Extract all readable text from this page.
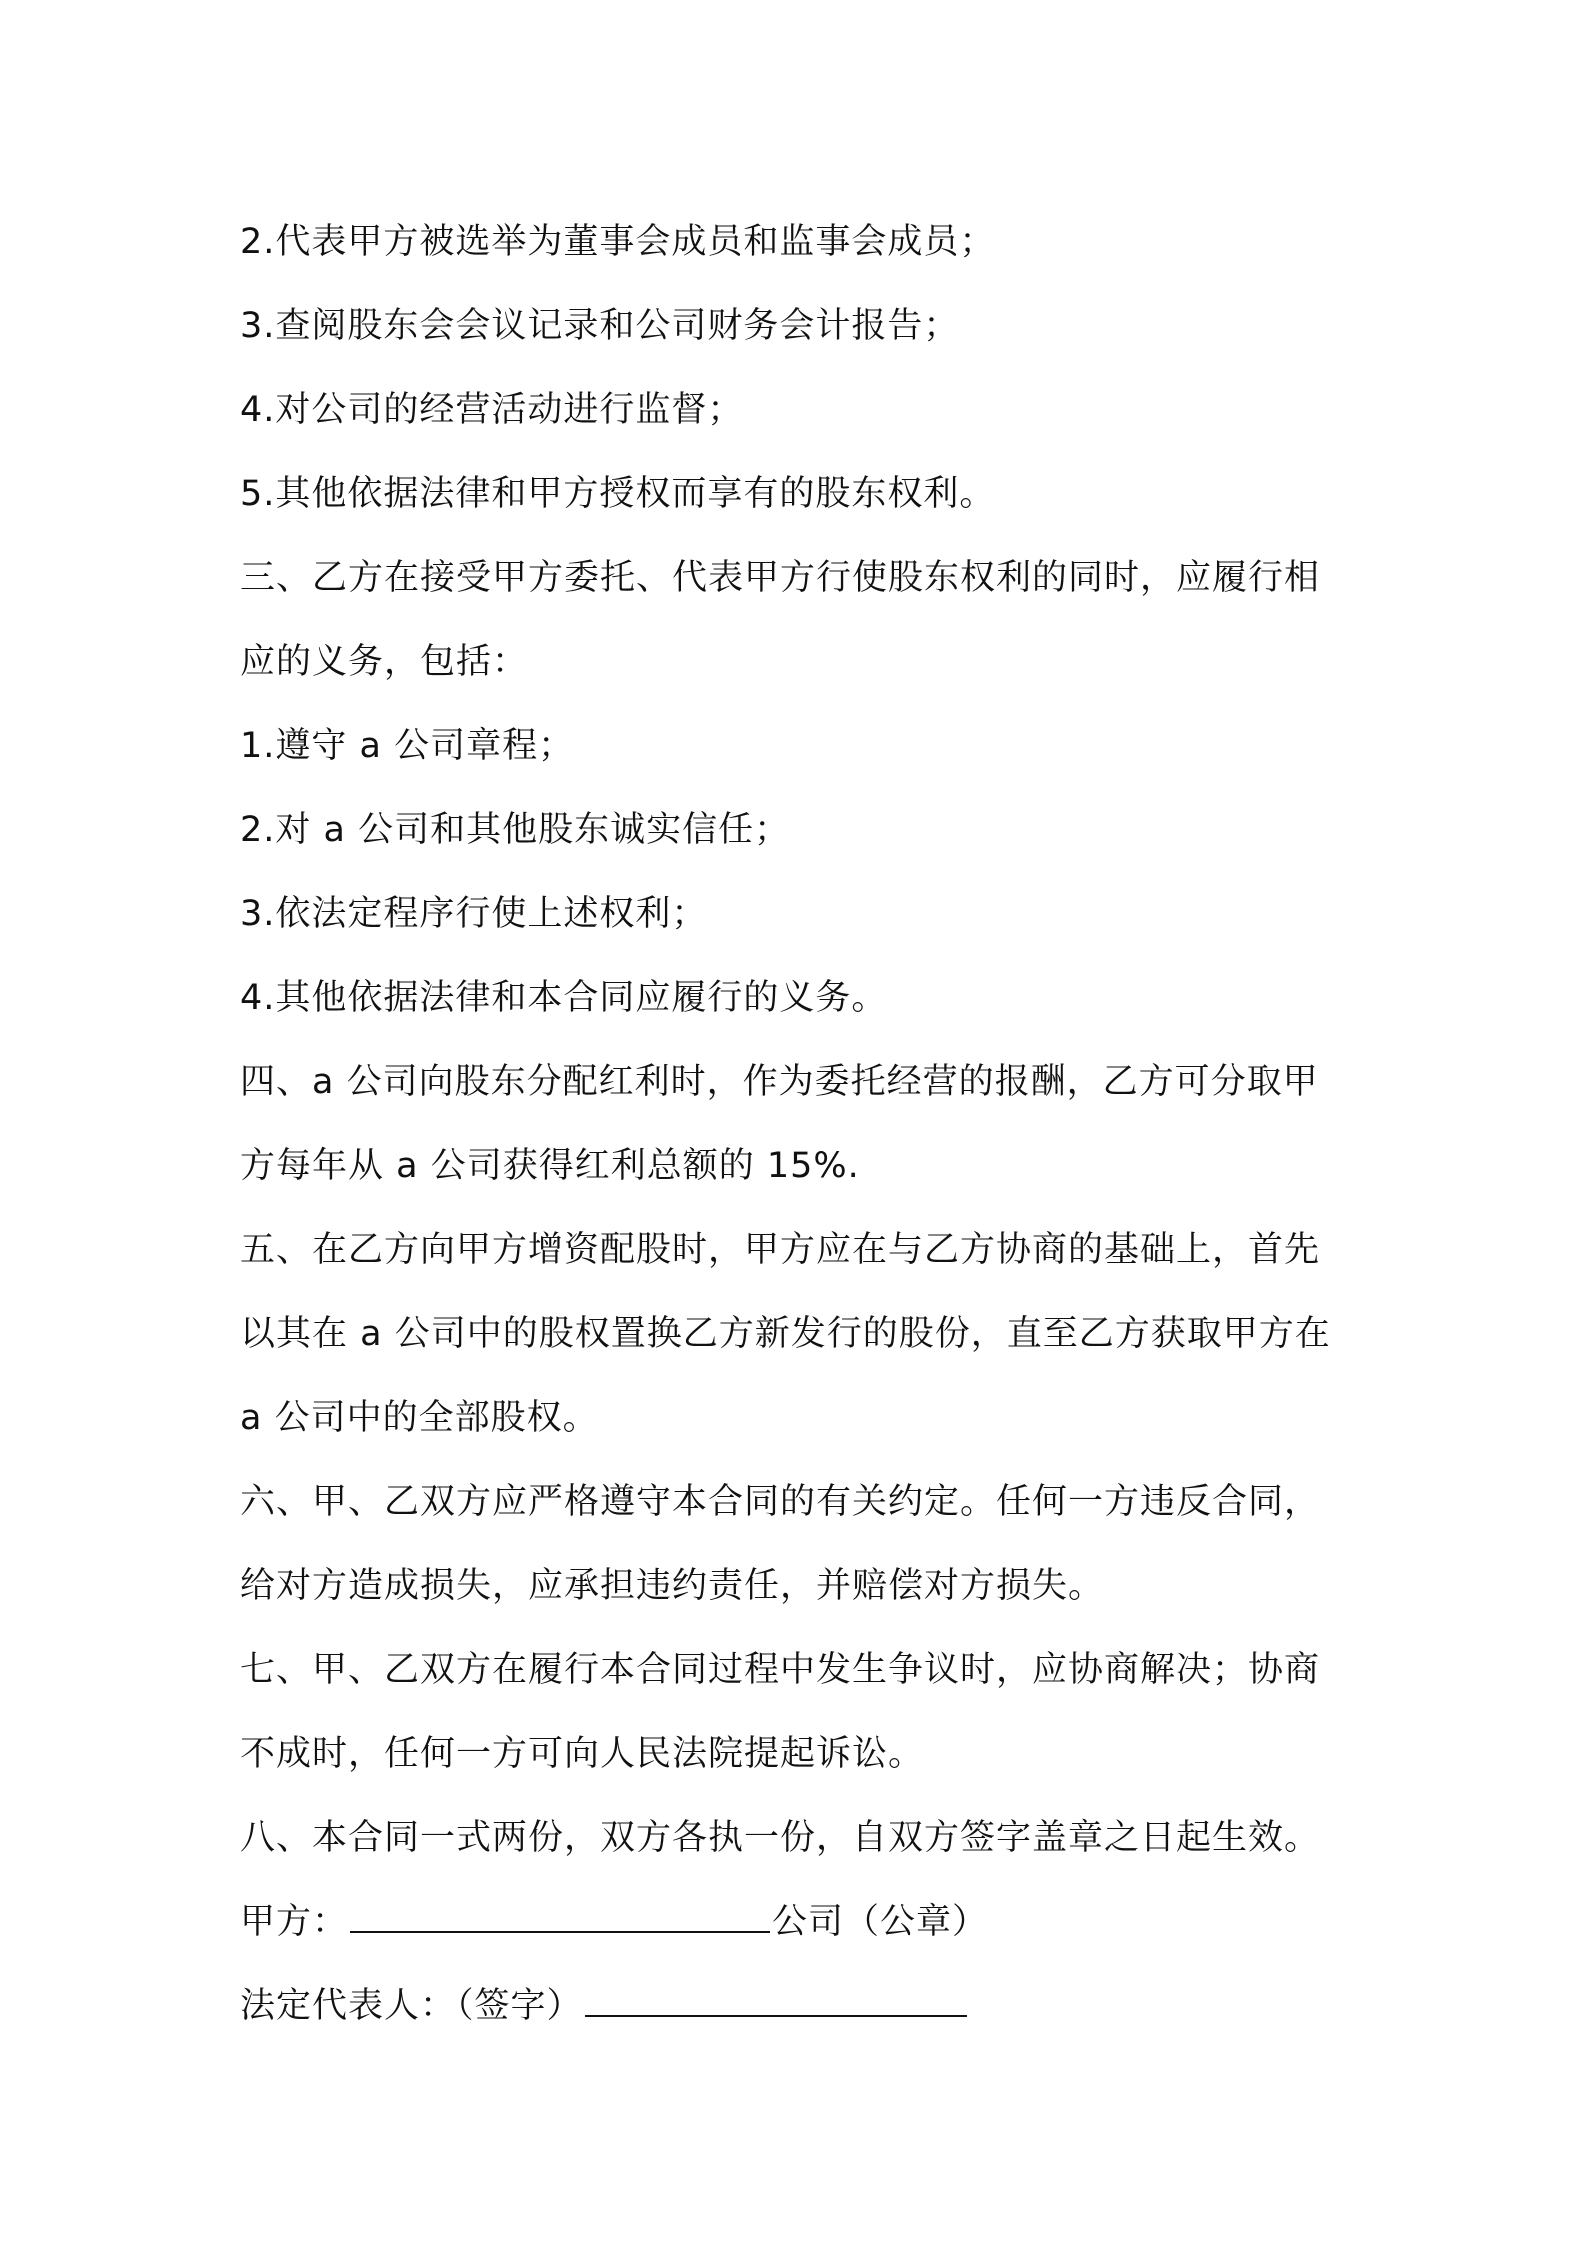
2.代表甲方被选举为董事会成员和监事会成员；
3.查阅股东会会议记录和公司财务会计报告；
4.对公司的经营活动进行监督；
5.其他依据法律和甲方授权而享有的股东权利。
三、乙方在接受甲方委托、代表甲方行使股东权利的同时，应履行相
应的义务，包括：
1.遵守 a 公司章程；
2.对 a 公司和其他股东诚实信任；
3.依法定程序行使上述权利；
4.其他依据法律和本合同应履行的义务。
四、a 公司向股东分配红利时，作为委托经营的报酬，乙方可分取甲
方每年从 a 公司获得红利总额的 15%.
五、在乙方向甲方增资配股时，甲方应在与乙方协商的基础上，首先
以其在 a 公司中的股权置换乙方新发行的股份，直至乙方获取甲方在
a 公司中的全部股权。
六、甲、乙双方应严格遵守本合同的有关约定。任何一方违反合同，
给对方造成损失，应承担违约责任，并赔偿对方损失。
七、甲、乙双方在履行本合同过程中发生争议时，应协商解决；协商
不成时，任何一方可向人民法院提起诉讼。
八、本合同一式两份，双方各执一份，自双方签字盖章之日起生效。
甲方：	公司（公章）
法定代表人：（签字）
